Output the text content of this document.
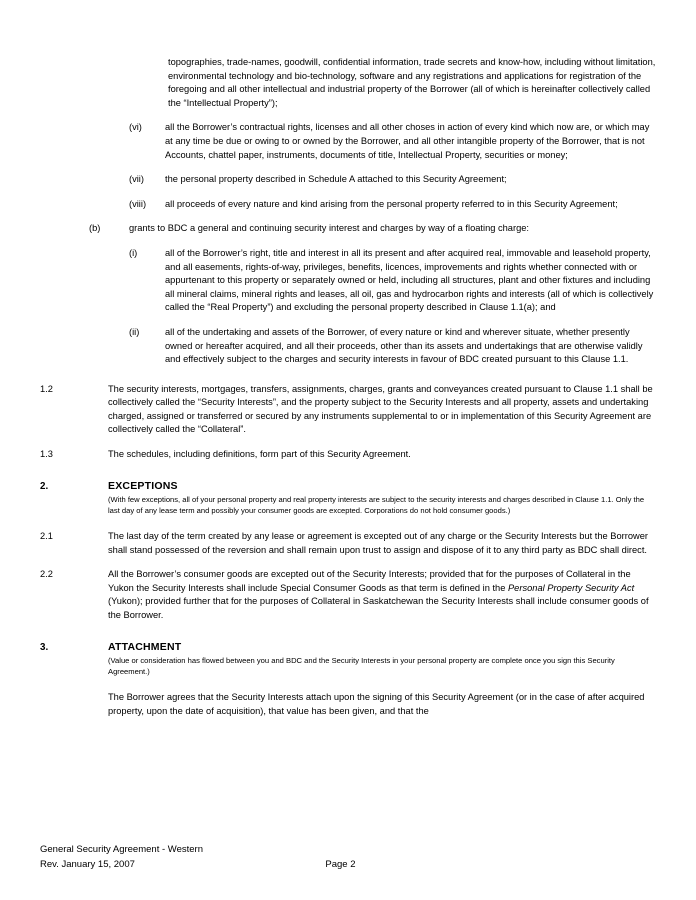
topographies, trade-names, goodwill, confidential information, trade secrets and know-how, including without limitation, environmental technology and bio-technology, software and any registrations and applications for registration of the foregoing and all other intellectual and industrial property of the Borrower (all of which is hereinafter collectively called the “Intellectual Property”);
(vi)	all the Borrower’s contractual rights, licenses and all other choses in action of every kind which now are, or which may at any time be due or owing to or owned by the Borrower, and all other intangible property of the Borrower, that is not Accounts, chattel paper, instruments, documents of title, Intellectual Property, securities or money;
(vii)	the personal property described in Schedule A attached to this Security Agreement;
(viii)	all proceeds of every nature and kind arising from the personal property referred to in this Security Agreement;
(b)	grants to BDC a general and continuing security interest and charges by way of a floating charge:
(i)	all of the Borrower’s right, title and interest in all its present and after acquired real, immovable and leasehold property, and all easements, rights-of-way, privileges, benefits, licences, improvements and rights whether connected with or appurtenant to this property or separately owned or held, including all structures, plant and other fixtures and including all mineral claims, mineral rights and leases, all oil, gas and hydrocarbon rights and interests (all of which is collectively called the “Real Property”) and excluding the personal property described in Clause 1.1(a); and
(ii)	all of the undertaking and assets of the Borrower, of every nature or kind and wherever situate, whether presently owned or hereafter acquired, and all their proceeds, other than its assets and undertakings that are otherwise validly and effectively subject to the charges and security interests in favour of BDC created pursuant to this Clause 1.1.
1.2	The security interests, mortgages, transfers, assignments, charges, grants and conveyances created pursuant to Clause 1.1 shall be collectively called the “Security Interests”, and the property subject to the Security Interests and all property, assets and undertaking charged, assigned or transferred or secured by any instruments supplemental to or in implementation of this Security Agreement are collectively called the “Collateral”.
1.3	The schedules, including definitions, form part of this Security Agreement.
2.	EXCEPTIONS
(With few exceptions, all of your personal property and real property interests are subject to the security interests and charges described in Clause 1.1. Only the last day of any lease term and possibly your consumer goods are excepted. Corporations do not hold consumer goods.)
2.1	The last day of the term created by any lease or agreement is excepted out of any charge or the Security Interests but the Borrower shall stand possessed of the reversion and shall remain upon trust to assign and dispose of it to any third party as BDC shall direct.
2.2	All the Borrower’s consumer goods are excepted out of the Security Interests; provided that for the purposes of Collateral in the Yukon the Security Interests shall include Special Consumer Goods as that term is defined in the Personal Property Security Act (Yukon); provided further that for the purposes of Collateral in Saskatchewan the Security Interests shall include consumer goods of the Borrower.
3.	ATTACHMENT
(Value or consideration has flowed between you and BDC and the Security Interests in your personal property are complete once you sign this Security Agreement.)
The Borrower agrees that the Security Interests attach upon the signing of this Security Agreement (or in the case of after acquired property, upon the date of acquisition), that value has been given, and that the
General Security Agreement - Western
Rev. January 15, 2007	Page 2
